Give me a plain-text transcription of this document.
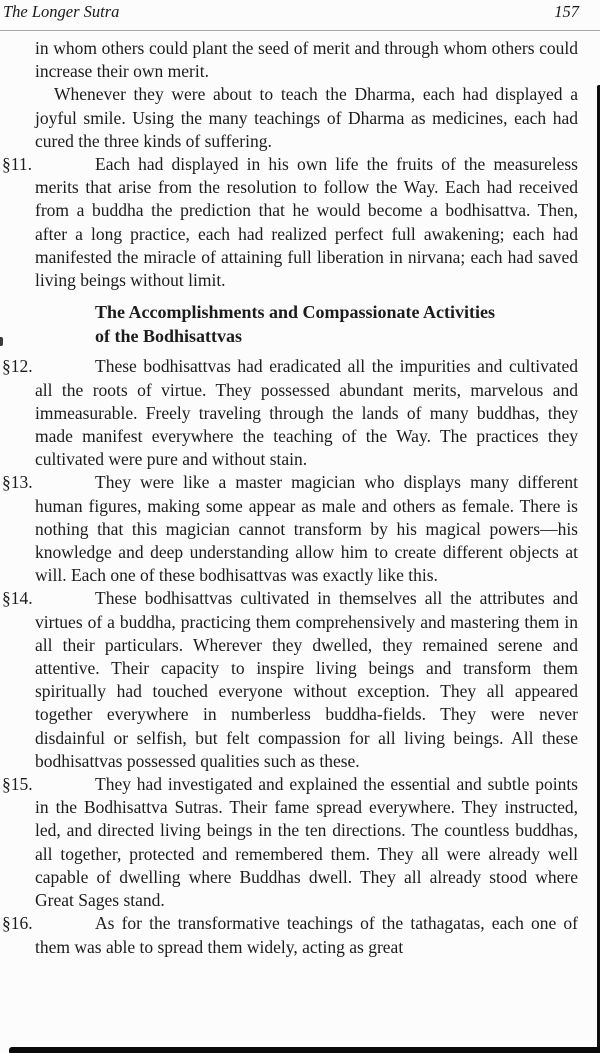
The Longer Sutra	157

in whom others could plant the seed of merit and through whom others could increase their own merit.

Whenever they were about to teach the Dharma, each had displayed a joyful smile. Using the many teachings of Dharma as medicines, each had cured the three kinds of suffering.

§11.	Each had displayed in his own life the fruits of the measureless merits that arise from the resolution to follow the Way. Each had received from a buddha the prediction that he would become a bodhisattva. Then, after a long practice, each had realized perfect full awakening; each had manifested the miracle of attaining full liberation in nirvana; each had saved living beings without limit.

The Accomplishments and Compassionate Activities
of the Bodhisattvas

§12.	These bodhisattvas had eradicated all the impurities and cultivated all the roots of virtue. They possessed abundant merits, marvelous and immeasurable. Freely traveling through the lands of many buddhas, they made manifest everywhere the teaching of the Way. The practices they cultivated were pure and without stain.

§13.	They were like a master magician who displays many different human figures, making some appear as male and others as female. There is nothing that this magician cannot transform by his magical powers—his knowledge and deep understanding allow him to create different objects at will. Each one of these bodhisattvas was exactly like this.

§14.	These bodhisattvas cultivated in themselves all the attributes and virtues of a buddha, practicing them comprehensively and mastering them in all their particulars. Wherever they dwelled, they remained serene and attentive. Their capacity to inspire living beings and transform them spiritually had touched everyone without exception. They all appeared together everywhere in numberless buddha-fields. They were never disdainful or selfish, but felt compassion for all living beings. All these bodhisattvas possessed qualities such as these.

§15.	They had investigated and explained the essential and subtle points in the Bodhisattva Sutras. Their fame spread everywhere. They instructed, led, and directed living beings in the ten directions. The countless buddhas, all together, protected and remembered them. They all were already well capable of dwelling where Buddhas dwell. They all already stood where Great Sages stand.

§16.	As for the transformative teachings of the tathagatas, each one of them was able to spread them widely, acting as great
